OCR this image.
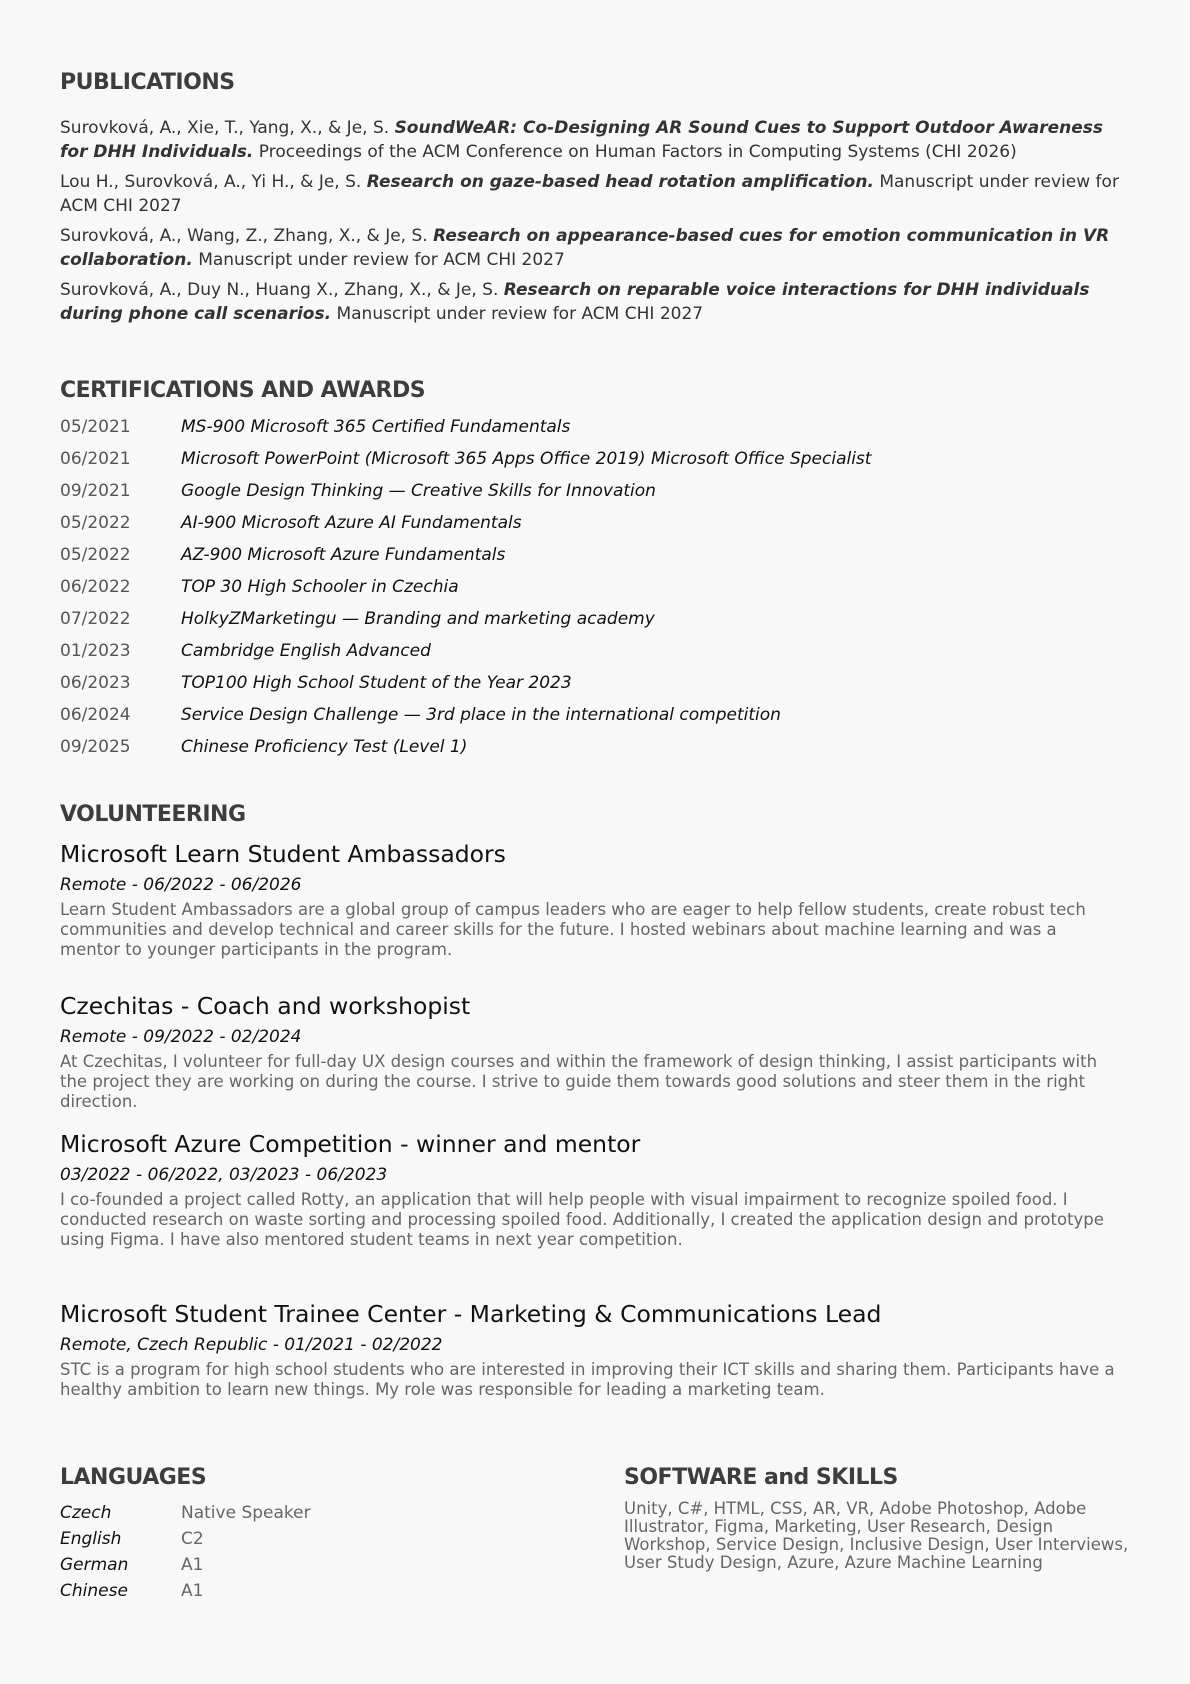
PUBLICATIONS

Surovková, A., Xie, T., Yang, X., & Je, S. SoundWeAR: Co-Designing AR Sound Cues to Support Outdoor Awareness for DHH Individuals. Proceedings of the ACM Conference on Human Factors in Computing Systems (CHI 2026)

Lou H., Surovková, A., Yi H., & Je, S. Research on gaze-based head rotation amplification. Manuscript under review for ACM CHI 2027

Surovková, A., Wang, Z., Zhang, X., & Je, S. Research on appearance-based cues for emotion communication in VR collaboration. Manuscript under review for ACM CHI 2027

Surovková, A., Duy N., Huang X., Zhang, X., & Je, S. Research on reparable voice interactions for DHH individuals during phone call scenarios. Manuscript under review for ACM CHI 2027

CERTIFICATIONS AND AWARDS
05/2021	MS-900 Microsoft 365 Certified Fundamentals
06/2021	Microsoft PowerPoint (Microsoft 365 Apps Office 2019) Microsoft Office Specialist
09/2021	Google Design Thinking — Creative Skills for Innovation
05/2022	AI-900 Microsoft Azure AI Fundamentals
05/2022	AZ-900 Microsoft Azure Fundamentals
06/2022	TOP 30 High Schooler in Czechia
07/2022	HolkyZMarketingu — Branding and marketing academy
01/2023	Cambridge English Advanced
06/2023	TOP100 High School Student of the Year 2023
06/2024	Service Design Challenge — 3rd place in the international competition
09/2025	Chinese Proficiency Test (Level 1)
VOLUNTEERING
Microsoft Learn Student Ambassadors
Remote - 06/2022 - 06/2026
Learn Student Ambassadors are a global group of campus leaders who are eager to help fellow students, create robust tech communities and develop technical and career skills for the future. I hosted webinars about machine learning and was a mentor to younger participants in the program.
Czechitas - Coach and workshopist
Remote - 09/2022 - 02/2024
At Czechitas, I volunteer for full-day UX design courses and within the framework of design thinking, I assist participants with the project they are working on during the course. I strive to guide them towards good solutions and steer them in the right direction.
Microsoft Azure Competition - winner and mentor
03/2022 - 06/2022, 03/2023 - 06/2023
I co-founded a project called Rotty, an application that will help people with visual impairment to recognize spoiled food. I conducted research on waste sorting and processing spoiled food. Additionally, I created the application design and prototype using Figma. I have also mentored student teams in next year competition.
Microsoft Student Trainee Center - Marketing & Communications Lead
Remote, Czech Republic - 01/2021 - 02/2022
STC is a program for high school students who are interested in improving their ICT skills and sharing them. Participants have a healthy ambition to learn new things. My role was responsible for leading a marketing team.
LANGUAGES
Czech	Native Speaker
English	C2
German	A1
Chinese	A1
SOFTWARE and SKILLS
Unity, C#, HTML, CSS, AR, VR, Adobe Photoshop, Adobe Illustrator, Figma, Marketing, User Research, Design Workshop, Service Design, Inclusive Design, User Interviews, User Study Design, Azure, Azure Machine Learning
